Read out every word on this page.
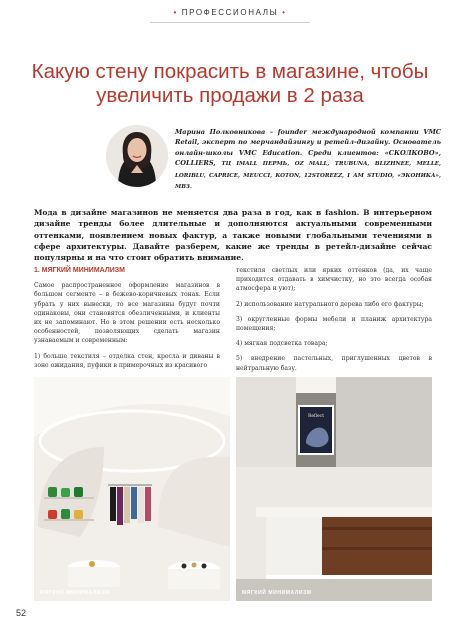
• ПРОФЕССИОНАЛЫ •
Какую стену покрасить в магазине, чтобы увеличить продажи в 2 раза
Марина Полковникова – founder международной компании VMC Retail, эксперт по мерчандайзингу и ретейл-дизайну. Основатель онлайн-школы VMC Education. Среди клиентов: «СКОЛКОВО», COLLIERS, ТЦ IMALL ПЕРМЬ, OZ MALL, TRUBUNA, BLIZHNEE, MELLE, LORIBLU, CAPRICE, MEUCCI, KOTON, 12STOREEZ, I AM STUDIO, «ЭКОНИКА», МВЗ.

Мода в дизайне магазинов не меняется два раза в год, как в fashion. В интерьерном дизайне тренды более длительные и дополняются актуальными современными оттенками, появлением новых фактур, а также новыми глобальными течениями в сфере архитектуры. Давайте разберем, какие же тренды в ретейл-дизайне сейчас популярны и на что стоит обратить внимание.

1. МЯГКИЙ МИНИМАЛИЗМ

Самое распространенное оформление магазинов в большом сегменте – в бежево-коричневых тонах. Если убрать у них вывески, то все магазины будут почти одинаковы, они становятся обезличенными, и клиенты их не запоминают. Но в этом решении есть несколько особенностей, позволяющих сделать магазин узнаваемым и современным:

1) больше текстиля – отделка стен, кресла и диваны в зоне ожидания, пуфики в примерочных из красивого

текстиля светлых или ярких оттенков (да, их чаще приходится отдавать в химчистку, но это всегда особая атмосфера и уют);

2) использование натурального дерева либо его фактуры;

3) округленные формы мебели и планиж архитектура помещения;

4) мягкая подсветка товара;

5) внедрение пастельных, приглушенных цветов в нейтральную базу.

МЯГКИЙ МИНИМАЛИЗМ
Reflect
МЯГКИЙ МИНИМАЛИЗМ
52
